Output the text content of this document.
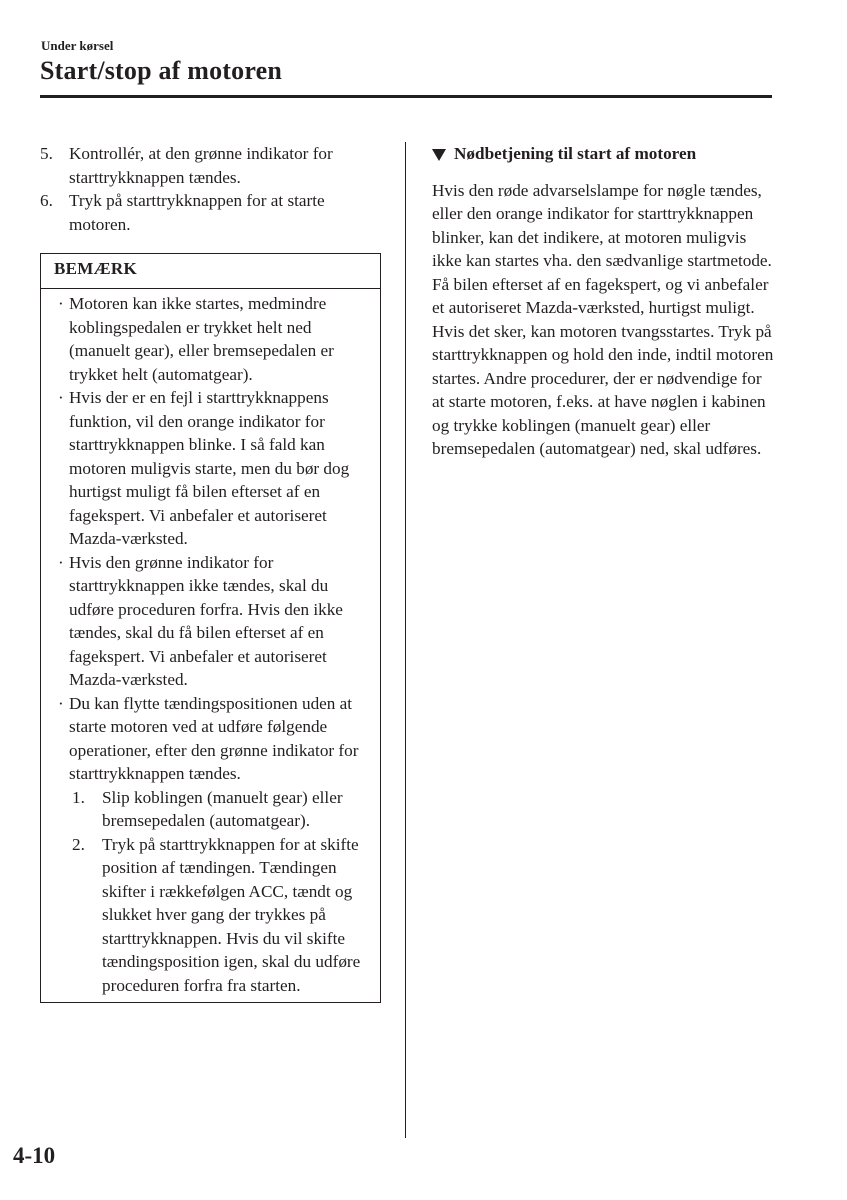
Under kørsel
Start/stop af motoren
5. Kontrollér, at den grønne indikator for starttrykknappen tændes.
6. Tryk på starttrykknappen for at starte motoren.
BEMÆRK
· Motoren kan ikke startes, medmindre koblingspedalen er trykket helt ned (manuelt gear), eller bremsepedalen er trykket helt (automatgear).
· Hvis der er en fejl i starttrykknappens funktion, vil den orange indikator for starttrykknappen blinke. I så fald kan motoren muligvis starte, men du bør dog hurtigst muligt få bilen efterset af en fagekspert. Vi anbefaler et autoriseret Mazda-værksted.
· Hvis den grønne indikator for starttrykknappen ikke tændes, skal du udføre proceduren forfra. Hvis den ikke tændes, skal du få bilen efterset af en fagekspert. Vi anbefaler et autoriseret Mazda-værksted.
· Du kan flytte tændingspositionen uden at starte motoren ved at udføre følgende operationer, efter den grønne indikator for starttrykknappen tændes.
1. Slip koblingen (manuelt gear) eller bremsepedalen (automatgear).
2. Tryk på starttrykknappen for at skifte position af tændingen. Tændingen skifter i rækkefølgen ACC, tændt og slukket hver gang der trykkes på starttrykknappen. Hvis du vil skifte tændingsposition igen, skal du udføre proceduren forfra fra starten.
Nødbetjening til start af motoren

Hvis den røde advarselslampe for nøgle tændes, eller den orange indikator for starttrykknappen blinker, kan det indikere, at motoren muligvis ikke kan startes vha. den sædvanlige startmetode. Få bilen efterset af en fagekspert, og vi anbefaler et autoriseret Mazda-værksted, hurtigst muligt. Hvis det sker, kan motoren tvangsstartes. Tryk på starttrykknappen og hold den inde, indtil motoren startes. Andre procedurer, der er nødvendige for at starte motoren, f.eks. at have nøglen i kabinen og trykke koblingen (manuelt gear) eller bremsepedalen (automatgear) ned, skal udføres.

4-10
